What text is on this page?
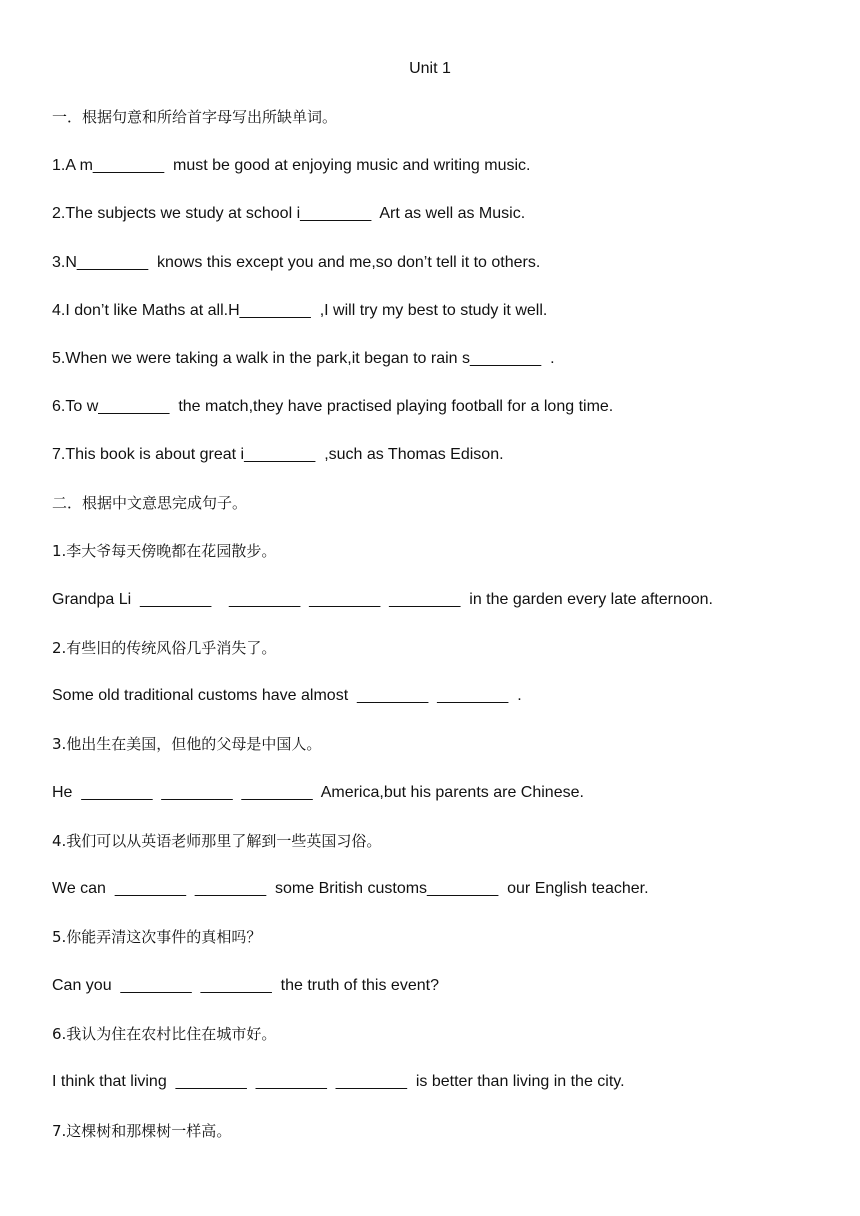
Unit 1
一．根据句意和所给首字母写出所缺单词。
1.A m________  must be good at enjoying music and writing music.
2.The subjects we study at school i________  Art as well as Music.
3.N________  knows this except you and me,so don’t tell it to others.
4.I don’t like Maths at all.H________  ,I will try my best to study it well.
5.When we were taking a walk in the park,it began to rain s________  .
6.To w________  the match,they have practised playing football for a long time.
7.This book is about great i________  ,such as Thomas Edison.
二．根据中文意思完成句子。
1.李大爷每天傍晚都在花园散步。
Grandpa Li  ________    ________  ________  ________  in the garden every late afternoon.
2.有些旧的传统风俗几乎消失了。
Some old traditional customs have almost  ________  ________  .
3.他出生在美国，但他的父母是中国人。
He  ________  ________  ________  America,but his parents are Chinese.
4.我们可以从英语老师那里了解到一些英国习俗。
We can  ________  ________  some British customs________  our English teacher.
5.你能弄清这次事件的真相吗？
Can you  ________  ________  the truth of this event?
6.我认为住在农村比住在城市好。
I think that living  ________  ________  ________  is better than living in the city.
7.这棵树和那棵树一样高。
